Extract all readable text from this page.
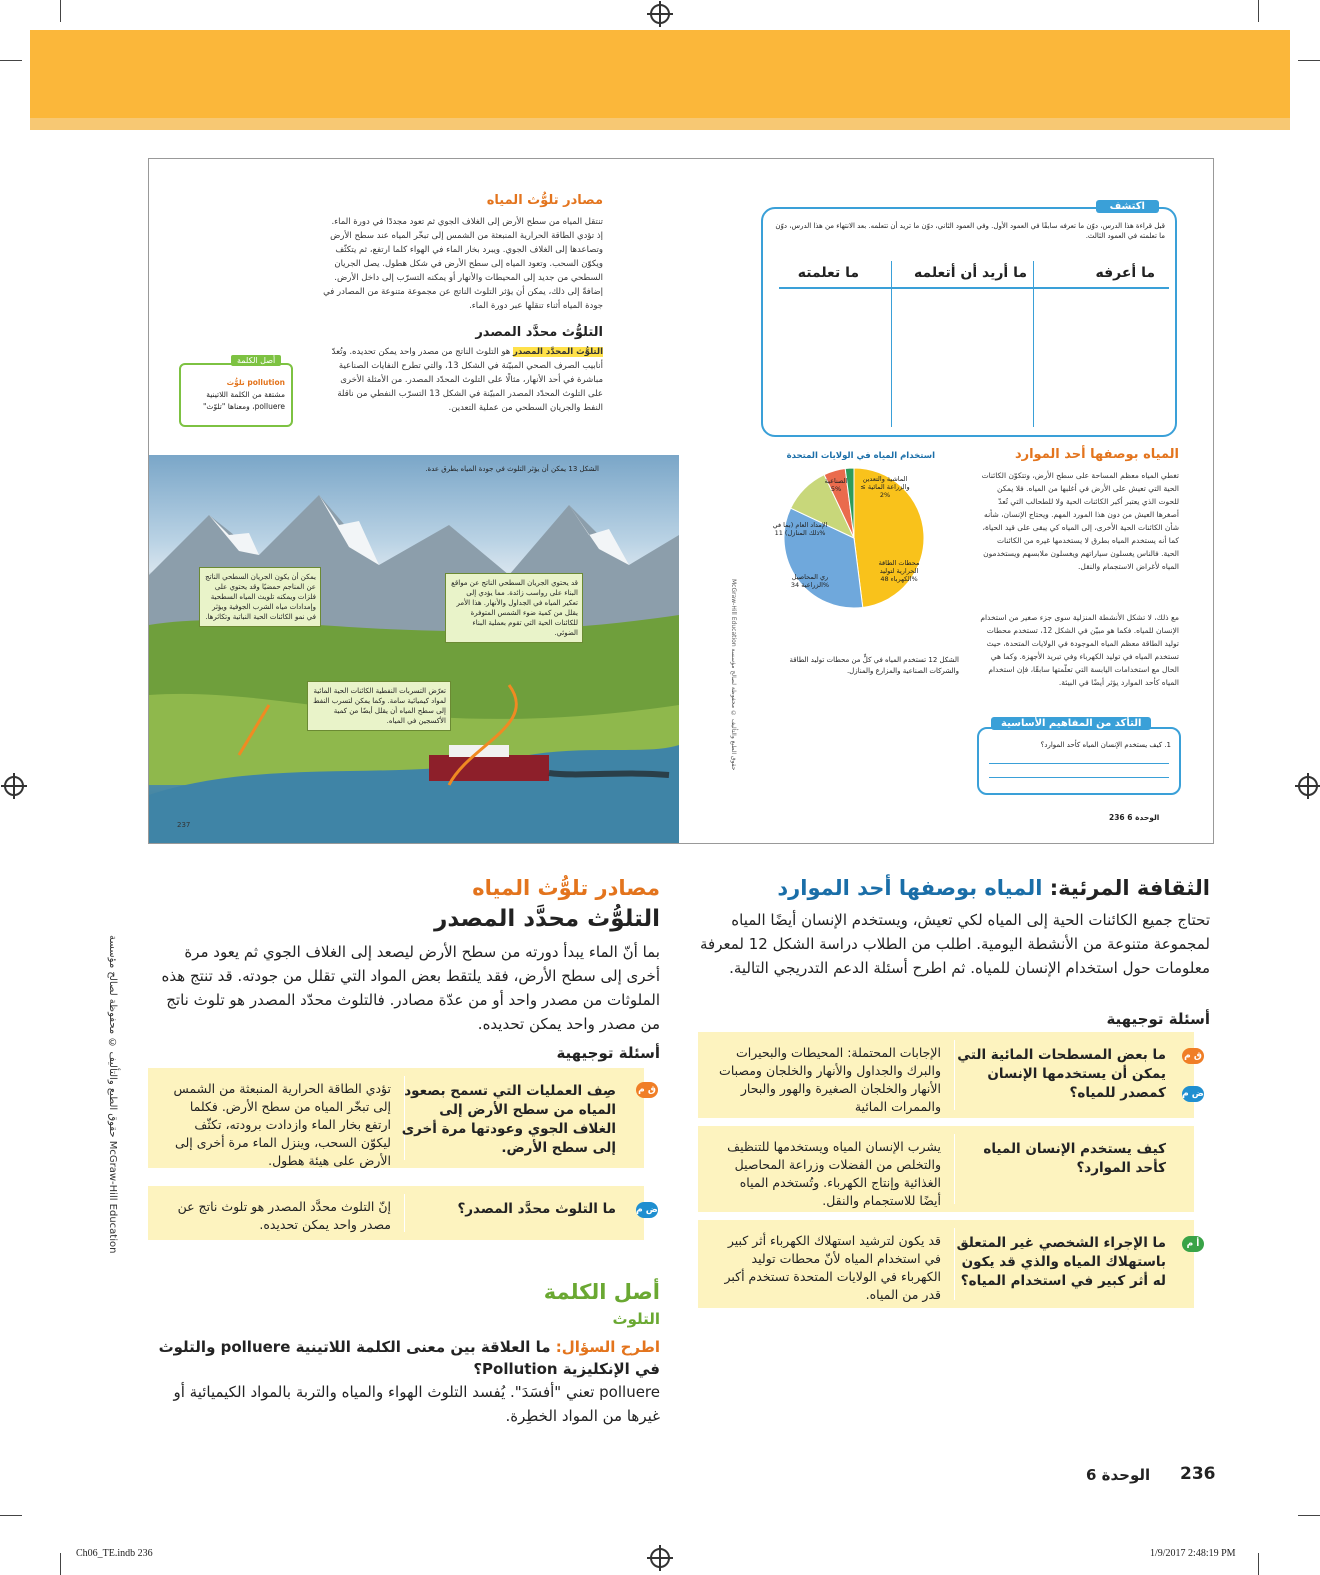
مصادر تلوُّث المياه
تنتقل المياه من سطح الأرض إلى الغلاف الجوي ثم تعود مجددًا في دورة الماء. إذ تؤدي الطاقة الحرارية المنبعثة من الشمس إلى تبخّر المياه عند سطح الأرض وتصاعدها إلى الغلاف الجوي. ويبرد بخار الماء في الهواء كلما ارتفع، ثم يتكثّف ويكوّن السحب. وتعود المياه إلى سطح الأرض في شكل هطول. يصل الجريان السطحي من جديد إلى المحيطات والأنهار أو يمكنه التسرّب إلى داخل الأرض. إضافةً إلى ذلك، يمكن أن يؤثر التلوث الناتج عن مجموعة متنوعة من المصادر في جودة المياه أثناء تنقلها عبر دورة الماء.
التلوُّث محدَّد المصدر
التلوُّث المحدَّد المصدر هو التلوث الناتج من مصدر واحد يمكن تحديده. وتُعدّ أنابيب الصرف الصحي المبيّنة في الشكل 13، والتي تطرح النفايات الصناعية مباشرة في أحد الأنهار، مثالًا على التلوث المحدّد المصدر. من الأمثلة الأخرى على التلوث المحدّد المصدر المبيّنة في الشكل 13 التسرّب النفطي من ناقلة النفط والجريان السطحي من عملية التعدين.
pollution تلوُّث
مشتقة من الكلمة اللاتينية polluere، ومعناها "تلوّث"
أصل الكلمة
اكتشف
قبل قراءة هذا الدرس، دوّن ما تعرفه سابقًا في العمود الأول. وفي العمود الثاني، دوّن ما تريد أن تتعلمه. بعد الانتهاء من هذا الدرس، دوّن ما تعلمته في العمود الثالث.
ما أعرفه
ما أريد أن أتعلمه
ما تعلمته
الشكل 13 يمكن أن يؤثر التلوث في جودة المياه بطرق عدة.
يمكن أن يكون الجريان السطحي الناتج عن المناجم حمضيًا وقد يحتوي على فلزات ويمكنه تلويث المياه السطحية وإمدادات مياه الشرب الجوفية ويؤثر في نمو الكائنات الحية النباتية وتكاثرها.
قد يحتوي الجريان السطحي الناتج عن مواقع البناء على رواسب زائدة. مما يؤدي إلى تعكير المياه في الجداول والأنهار. هذا الأمر يقلل من كمية ضوء الشمس المتوفرة للكائنات الحية التي تقوم بعملية البناء الضوئي.
تعرّض التسربات النفطية الكائنات الحية المائية لمواد كيميائية سامة. وكما يمكن لتسرب النفط إلى سطح المياه أن يقلل أيضًا من كمية الأكسجين في المياه.
237
McGraw-Hill Education حقوق الطبع والتأليف © محفوظة لصالح مؤسسة
استخدام المياه في الولايات المتحدة
محطات الطاقة الحرارية لتوليد الكهرباء 48%
ري المحاصيل الزراعية 34%
الإمداد العام (بما في ذلك المنازل) 11%
الصناعية 5%
الماشية والتعدين والزراعة المائية ≥ 2%
الشكل 12 تستخدم المياه في كلٍّ من محطات توليد الطاقة والشركات الصناعية والمزارع والمنازل.
المياه بوصفها أحد الموارد
تغطي المياه معظم المساحة على سطح الأرض، وتتكوّن الكائنات الحية التي تعيش على الأرض في أغلبها من المياه. فلا يمكن للحوت الذي يعتبر أكبر الكائنات الحية ولا للطحالب التي تُعدّ أصغرها العيش من دون هذا المورد المهم. ويحتاج الإنسان، شأنه شأن الكائنات الحية الأخرى، إلى المياه كي يبقى على قيد الحياة، كما أنه يستخدم المياه بطرق لا يستخدمها غيره من الكائنات الحية. فالناس يغسلون سياراتهم ويغسلون ملابسهم ويستخدمون المياه لأغراض الاستجمام والنقل.
مع ذلك، لا تشكل الأنشطة المنزلية سوى جزء صغير من استخدام الإنسان للمياه. فكما هو مبيّن في الشكل 12، تستخدم محطات توليد الطاقة معظم المياه الموجودة في الولايات المتحدة، حيث تستخدم المياه في توليد الكهرباء وفي تبريد الأجهزة. وكما هي الحال مع استخدامات اليابسة التي تعلّمتها سابقًا، فإن استخدام المياه كأحد الموارد يؤثر أيضًا في البيئة.
1. كيف يستخدم الإنسان المياه كأحد الموارد؟
التأكد من المفاهيم الأساسية
236 الوحدة 6
الثقافة المرئية: المياه بوصفها أحد الموارد
تحتاج جميع الكائنات الحية إلى المياه لكي تعيش، ويستخدم الإنسان أيضًا المياه لمجموعة متنوعة من الأنشطة اليومية. اطلب من الطلاب دراسة الشكل 12 لمعرفة معلومات حول استخدام الإنسان للمياه. ثم اطرح أسئلة الدعم التدريجي التالية.
أسئلة توجيهية
ما بعض المسطحات المائية التي يمكن أن يستخدمها الإنسان كمصدر للمياه؟
الإجابات المحتملة: المحيطات والبحيرات والبرك والجداول والأنهار والخلجان ومصبات الأنهار والخلجان الصغيرة والهور والبحار والممرات المائية
ق م
ض م
كيف يستخدم الإنسان المياه كأحد الموارد؟
يشرب الإنسان المياه ويستخدمها للتنظيف والتخلص من الفضلات وزراعة المحاصيل الغذائية وإنتاج الكهرباء. وتُستخدم المياه أيضًا للاستجمام والنقل.
ما الإجراء الشخصي غير المتعلق باستهلاك المياه والذي قد يكون له أثر كبير في استخدام المياه؟
قد يكون لترشيد استهلاك الكهرباء أثر كبير في استخدام المياه لأنّ محطات توليد الكهرباء في الولايات المتحدة تستخدم أكبر قدر من المياه.
أ م
مصادر تلوُّث المياه
التلوُّث محدَّد المصدر
بما أنّ الماء يبدأ دورته من سطح الأرض ليصعد إلى الغلاف الجوي ثم يعود مرة أخرى إلى سطح الأرض، فقد يلتقط بعض المواد التي تقلل من جودته. قد تنتج هذه الملوثات من مصدر واحد أو من عدّة مصادر. فالتلوث محدّد المصدر هو تلوث ناتج من مصدر واحد يمكن تحديده.
أسئلة توجيهية
صِف العمليات التي تسمح بصعود المياه من سطح الأرض إلى الغلاف الجوي وعودتها مرة أخرى إلى سطح الأرض.
تؤدي الطاقة الحرارية المنبعثة من الشمس إلى تبخّر المياه من سطح الأرض. فكلما ارتفع بخار الماء وازدادت برودته، تكثّف ليكوّن السحب، وينزل الماء مرة أخرى إلى الأرض على هيئة هطول.
ق م
ما التلوث محدَّد المصدر؟
إنّ التلوث محدَّد المصدر هو تلوث ناتج عن مصدر واحد يمكن تحديده.
ض م
أصل الكلمة
التلوث
اطرح السؤال: ما العلاقة بين معنى الكلمة اللاتينية polluere والتلوث في الإنكليزية Pollution؟
polluere تعني "أفسَدَ". يُفسد التلوث الهواء والمياه والتربة بالمواد الكيميائية أو غيرها من المواد الخطِرة.
حقوق الطبع والتأليف © محفوظة لصالح مؤسسة McGraw-Hill Education
236
الوحدة 6
Ch06_TE.indb 236	1/9/2017 2:48:19 PM
